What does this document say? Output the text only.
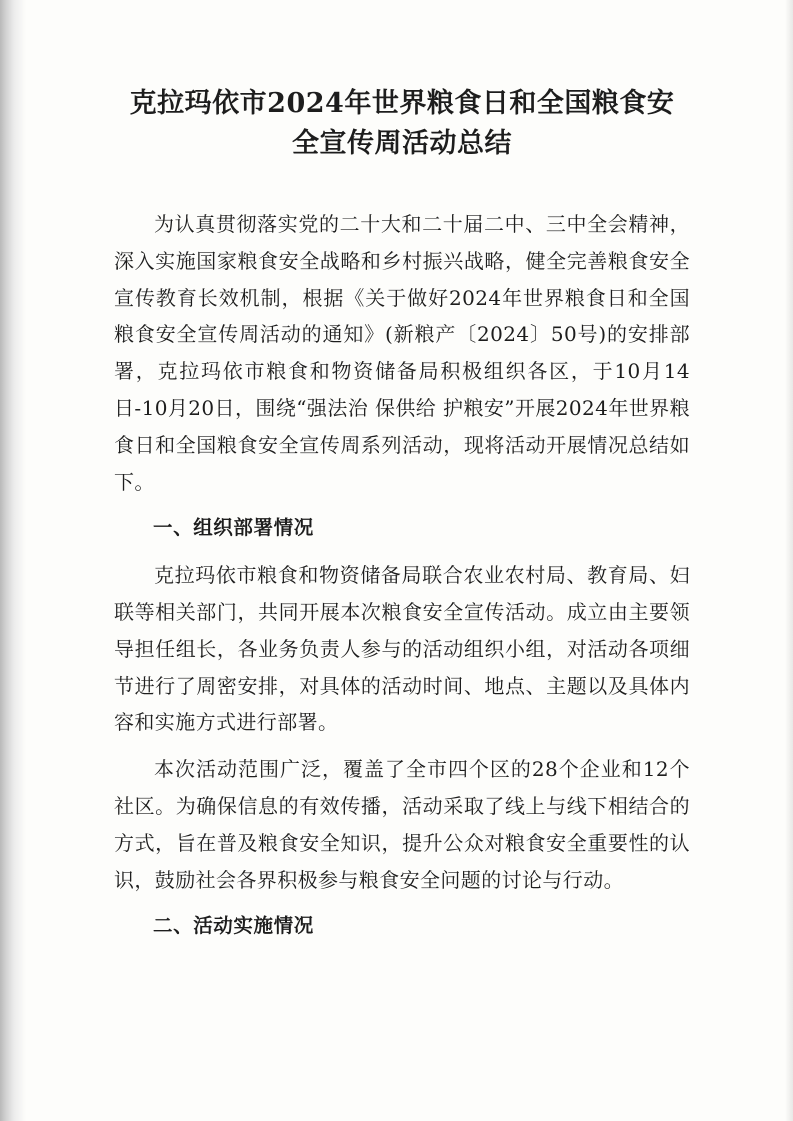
克拉玛依市2024年世界粮食日和全国粮食安
全宣传周活动总结

为认真贯彻落实党的二十大和二十届二中、三中全会精神，深入实施国家粮食安全战略和乡村振兴战略，健全完善粮食安全宣传教育长效机制，根据《关于做好2024年世界粮食日和全国粮食安全宣传周活动的通知》(新粮产〔2024〕50号)的安排部署，克拉玛依市粮食和物资储备局积极组织各区，于10月14日-10月20日，围绕“强法治 保供给 护粮安”开展2024年世界粮食日和全国粮食安全宣传周系列活动，现将活动开展情况总结如下。

一、组织部署情况

克拉玛依市粮食和物资储备局联合农业农村局、教育局、妇联等相关部门，共同开展本次粮食安全宣传活动。成立由主要领导担任组长，各业务负责人参与的活动组织小组，对活动各项细节进行了周密安排，对具体的活动时间、地点、主题以及具体内容和实施方式进行部署。

本次活动范围广泛，覆盖了全市四个区的28个企业和12个社区。为确保信息的有效传播，活动采取了线上与线下相结合的方式，旨在普及粮食安全知识，提升公众对粮食安全重要性的认识，鼓励社会各界积极参与粮食安全问题的讨论与行动。

二、活动实施情况
